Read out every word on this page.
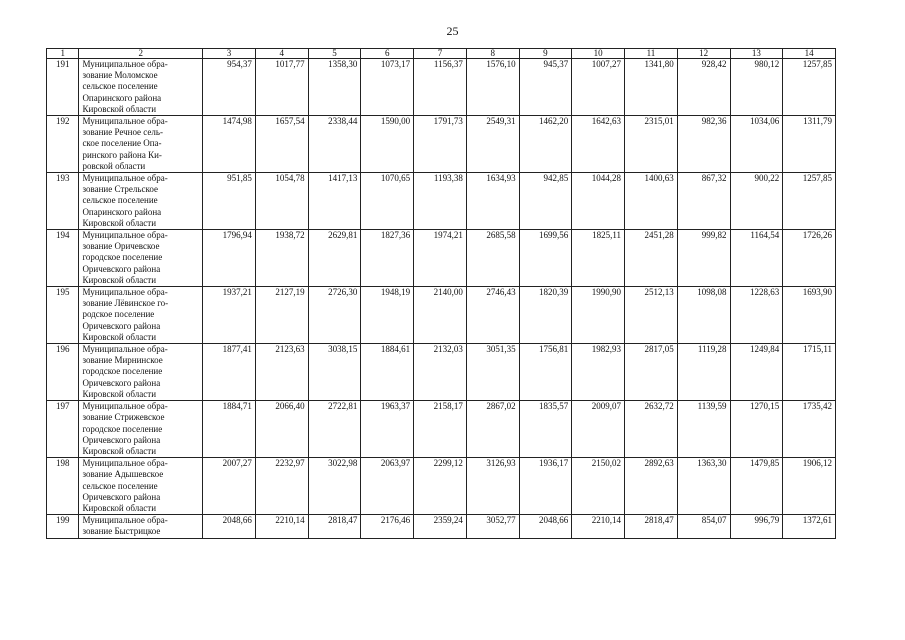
25
1	2	3	4	5	6	7	8	9	10	11	12	13	14
191	Муниципальное обра-
зование Моломское
сельское поселение
Опаринского района
Кировской области	954,37	1017,77	1358,30	1073,17	1156,37	1576,10	945,37	1007,27	1341,80	928,42	980,12	1257,85
192	Муниципальное обра-
зование Речное сель-
ское поселение Опа-
ринского района Ки-
ровской области	1474,98	1657,54	2338,44	1590,00	1791,73	2549,31	1462,20	1642,63	2315,01	982,36	1034,06	1311,79
193	Муниципальное обра-
зование Стрельское
сельское поселение
Опаринского района
Кировской области	951,85	1054,78	1417,13	1070,65	1193,38	1634,93	942,85	1044,28	1400,63	867,32	900,22	1257,85
194	Муниципальное обра-
зование Оричевское
городское поселение
Оричевского района
Кировской области	1796,94	1938,72	2629,81	1827,36	1974,21	2685,58	1699,56	1825,11	2451,28	999,82	1164,54	1726,26
195	Муниципальное обра-
зование Лёвинское го-
родское поселение
Оричевского района
Кировской области	1937,21	2127,19	2726,30	1948,19	2140,00	2746,43	1820,39	1990,90	2512,13	1098,08	1228,63	1693,90
196	Муниципальное обра-
зование Мирнинское
городское поселение
Оричевского района
Кировской области	1877,41	2123,63	3038,15	1884,61	2132,03	3051,35	1756,81	1982,93	2817,05	1119,28	1249,84	1715,11
197	Муниципальное обра-
зование Стрижевское
городское поселение
Оричевского района
Кировской области	1884,71	2066,40	2722,81	1963,37	2158,17	2867,02	1835,57	2009,07	2632,72	1139,59	1270,15	1735,42
198	Муниципальное обра-
зование Адышевское
сельское поселение
Оричевского района
Кировской области	2007,27	2232,97	3022,98	2063,97	2299,12	3126,93	1936,17	2150,02	2892,63	1363,30	1479,85	1906,12
199	Муниципальное обра-
зование Быстрицкое	2048,66	2210,14	2818,47	2176,46	2359,24	3052,77	2048,66	2210,14	2818,47	854,07	996,79	1372,61
